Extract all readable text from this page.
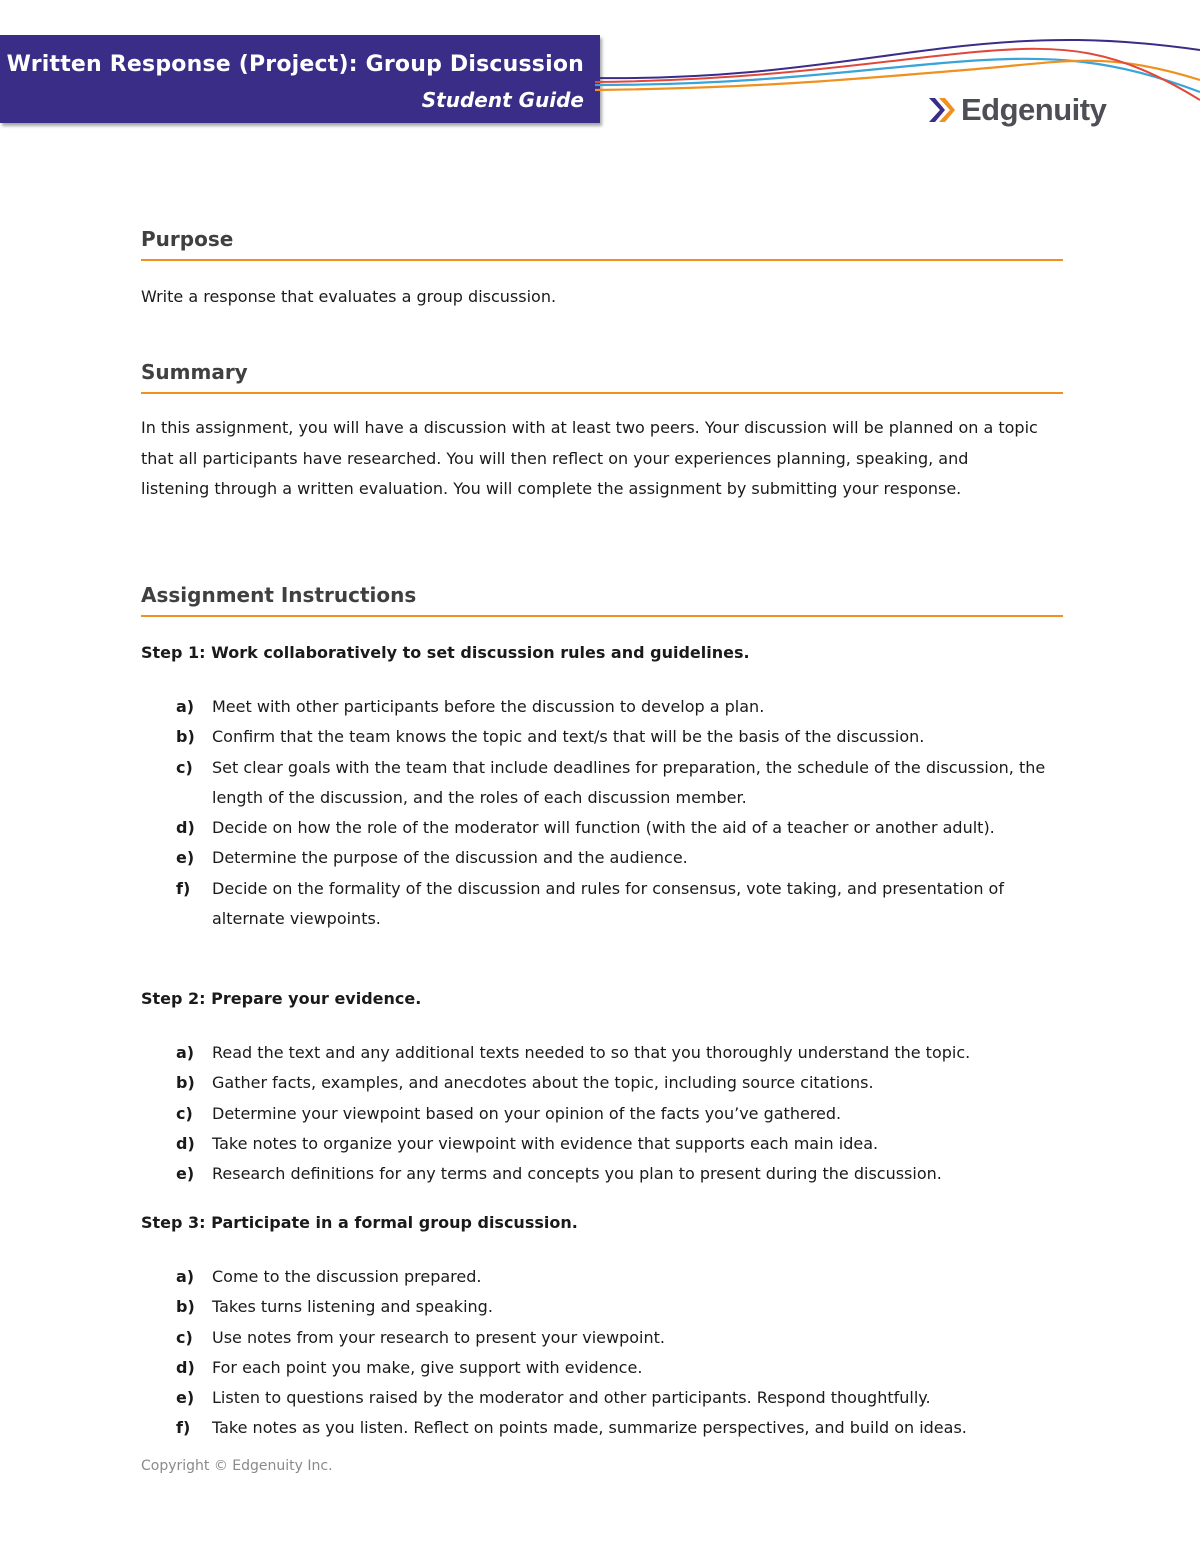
Written Response (Project): Group Discussion
Student Guide	Edgenuity
Purpose
Write a response that evaluates a group discussion.
Summary
In this assignment, you will have a discussion with at least two peers. Your discussion will be planned on a topic that all participants have researched. You will then reflect on your experiences planning, speaking, and listening through a written evaluation. You will complete the assignment by submitting your response.
Assignment Instructions
Step 1: Work collaboratively to set discussion rules and guidelines.
a) Meet with other participants before the discussion to develop a plan.
b) Confirm that the team knows the topic and text/s that will be the basis of the discussion.
c) Set clear goals with the team that include deadlines for preparation, the schedule of the discussion, the length of the discussion, and the roles of each discussion member.
d) Decide on how the role of the moderator will function (with the aid of a teacher or another adult).
e) Determine the purpose of the discussion and the audience.
f) Decide on the formality of the discussion and rules for consensus, vote taking, and presentation of alternate viewpoints.
Step 2: Prepare your evidence.
a) Read the text and any additional texts needed to so that you thoroughly understand the topic.
b) Gather facts, examples, and anecdotes about the topic, including source citations.
c) Determine your viewpoint based on your opinion of the facts you’ve gathered.
d) Take notes to organize your viewpoint with evidence that supports each main idea.
e) Research definitions for any terms and concepts you plan to present during the discussion.
Step 3: Participate in a formal group discussion.
a) Come to the discussion prepared.
b) Takes turns listening and speaking.
c) Use notes from your research to present your viewpoint.
d) For each point you make, give support with evidence.
e) Listen to questions raised by the moderator and other participants. Respond thoughtfully.
f) Take notes as you listen. Reflect on points made, summarize perspectives, and build on ideas.
Copyright © Edgenuity Inc.
